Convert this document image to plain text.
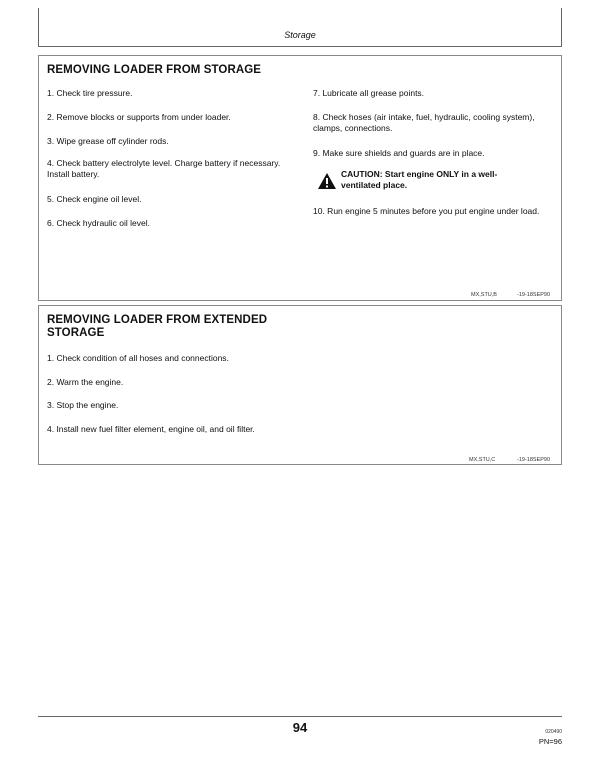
Storage
REMOVING LOADER FROM STORAGE
1. Check tire pressure.
2. Remove blocks or supports from under loader.
3. Wipe grease off cylinder rods.
4. Check battery electrolyte level. Charge battery if necessary. Install battery.
5. Check engine oil level.
6. Check hydraulic oil level.
7. Lubricate all grease points.
8. Check hoses (air intake, fuel, hydraulic, cooling system), clamps, connections.
9. Make sure shields and guards are in place.
CAUTION: Start engine ONLY in a well-ventilated place.
10. Run engine 5 minutes before you put engine under load.
MX,STU,B	-19-18SEP90
REMOVING LOADER FROM EXTENDED STORAGE
1. Check condition of all hoses and connections.
2. Warm the engine.
3. Stop the engine.
4. Install new fuel filter element, engine oil, and oil filter.
MX,STU,C	-19-18SEP90
94	020490
PN=96
